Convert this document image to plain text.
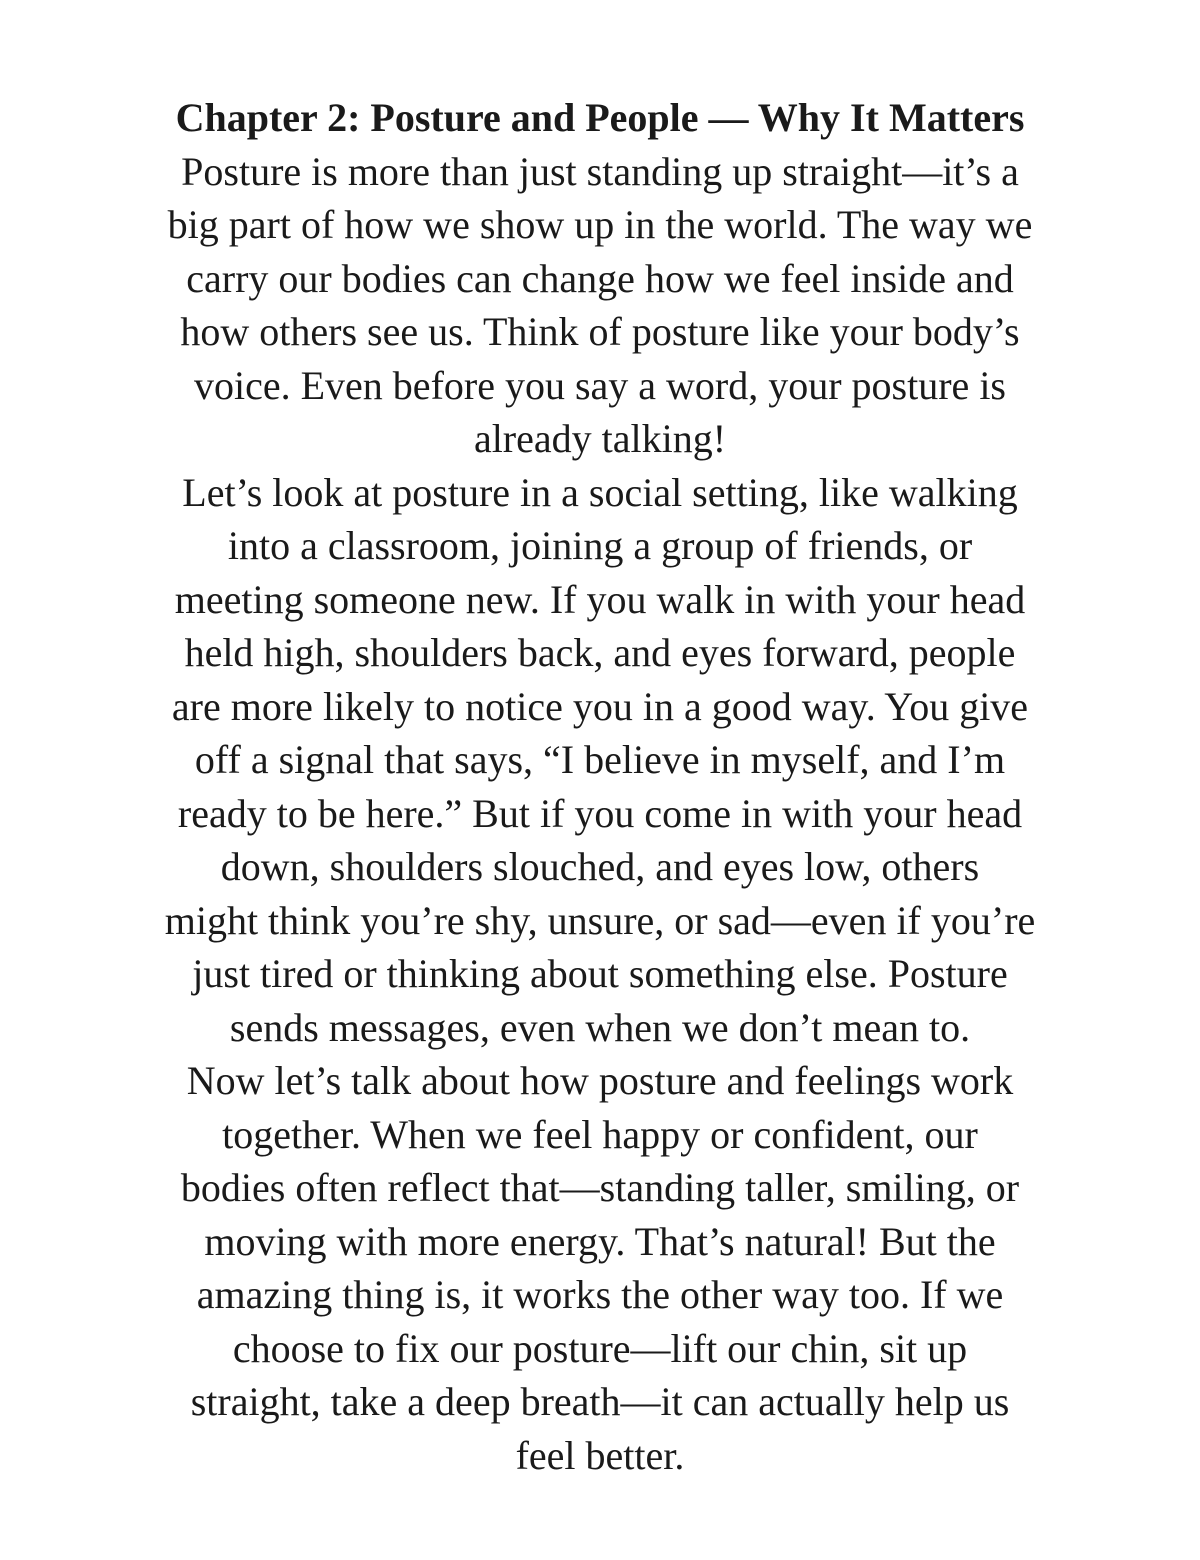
Chapter 2: Posture and People — Why It Matters
Posture is more than just standing up straight—it’s a
big part of how we show up in the world. The way we
carry our bodies can change how we feel inside and
how others see us. Think of posture like your body’s
voice. Even before you say a word, your posture is
already talking!
Let’s look at posture in a social setting, like walking
into a classroom, joining a group of friends, or
meeting someone new. If you walk in with your head
held high, shoulders back, and eyes forward, people
are more likely to notice you in a good way. You give
off a signal that says, “I believe in myself, and I’m
ready to be here.” But if you come in with your head
down, shoulders slouched, and eyes low, others
might think you’re shy, unsure, or sad—even if you’re
just tired or thinking about something else. Posture
sends messages, even when we don’t mean to.
Now let’s talk about how posture and feelings work
together. When we feel happy or confident, our
bodies often reflect that—standing taller, smiling, or
moving with more energy. That’s natural! But the
amazing thing is, it works the other way too. If we
choose to fix our posture—lift our chin, sit up
straight, take a deep breath—it can actually help us
feel better.
